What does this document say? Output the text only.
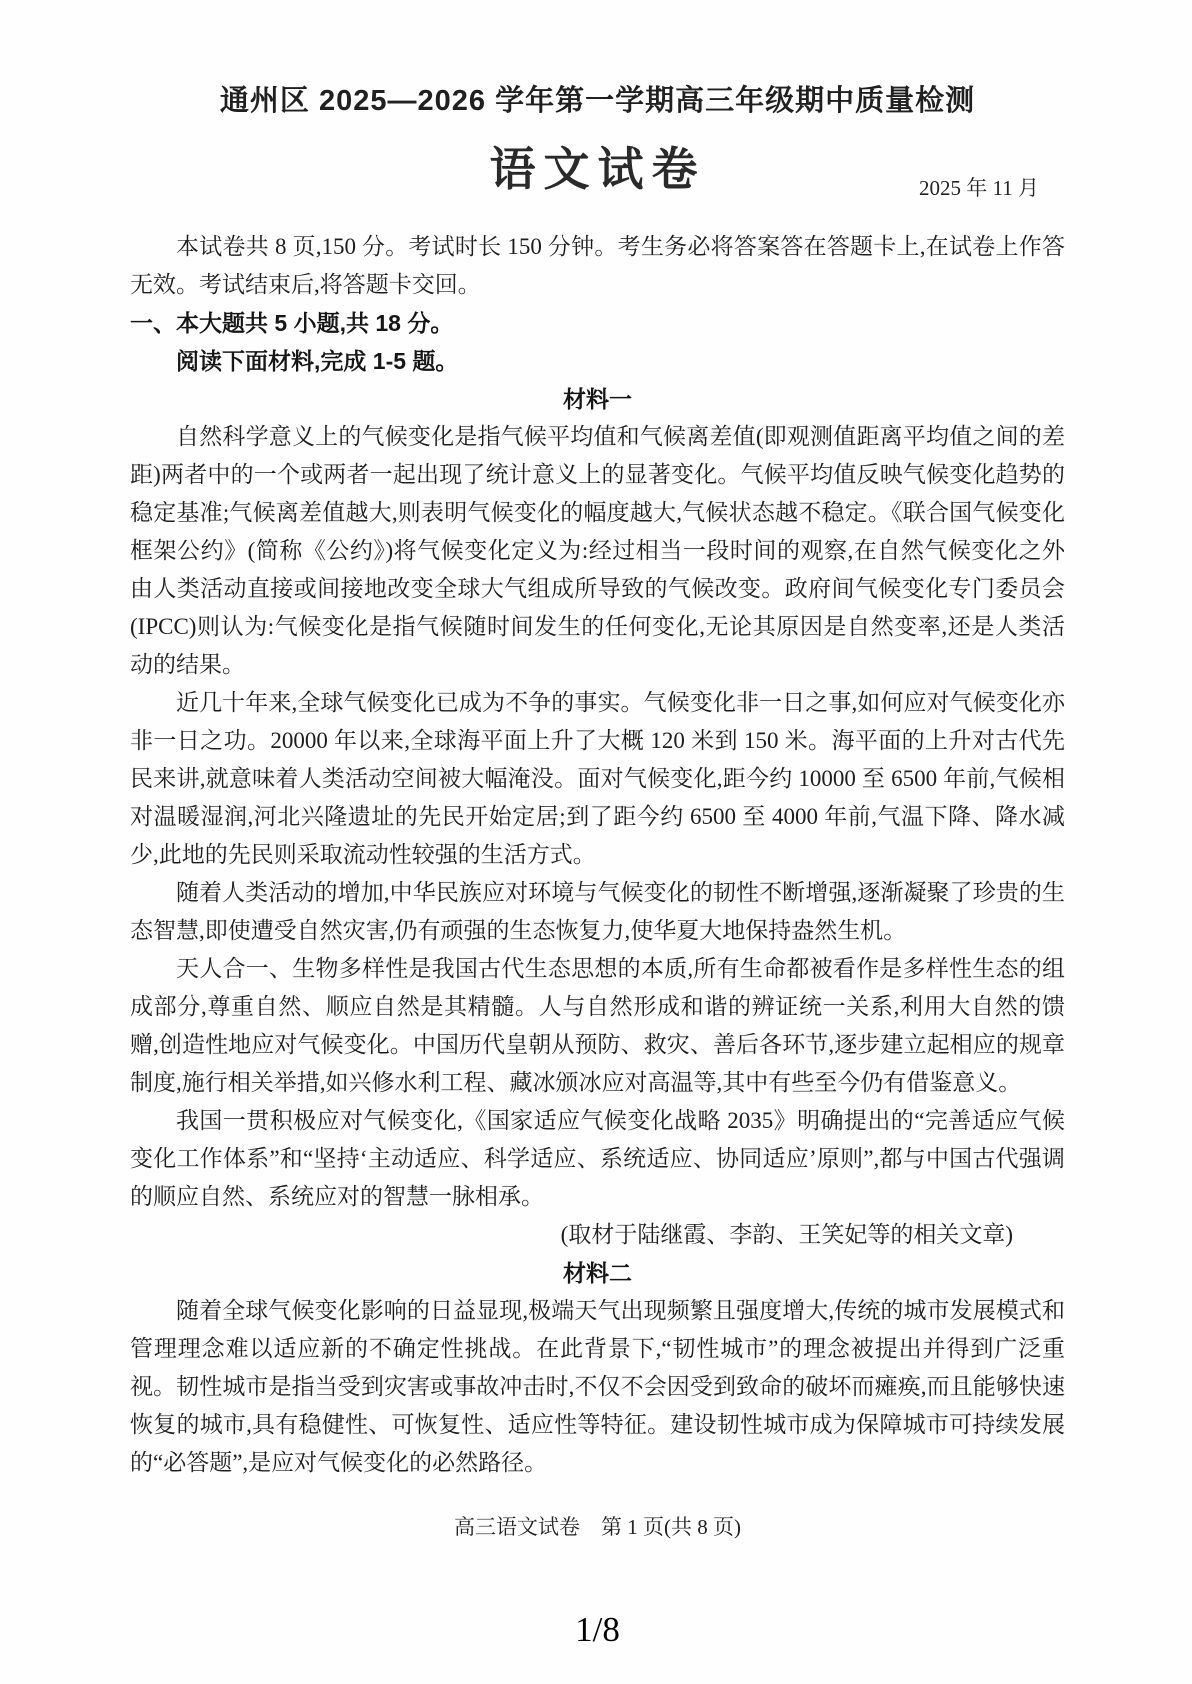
通州区 2025—2026 学年第一学期高三年级期中质量检测
语文试卷	2025 年 11 月

本试卷共 8 页,150 分。考试时长 150 分钟。考生务必将答案答在答题卡上,在试卷上作答无效。考试结束后,将答题卡交回。

一、本大题共 5 小题,共 18 分。

阅读下面材料,完成 1-5 题。

材料一

自然科学意义上的气候变化是指气候平均值和气候离差值(即观测值距离平均值之间的差距)两者中的一个或两者一起出现了统计意义上的显著变化。气候平均值反映气候变化趋势的稳定基准;气候离差值越大,则表明气候变化的幅度越大,气候状态越不稳定。《联合国气候变化框架公约》(简称《公约》)将气候变化定义为:经过相当一段时间的观察,在自然气候变化之外由人类活动直接或间接地改变全球大气组成所导致的气候改变。政府间气候变化专门委员会(IPCC)则认为:气候变化是指气候随时间发生的任何变化,无论其原因是自然变率,还是人类活动的结果。

近几十年来,全球气候变化已成为不争的事实。气候变化非一日之事,如何应对气候变化亦非一日之功。20000 年以来,全球海平面上升了大概 120 米到 150 米。海平面的上升对古代先民来讲,就意味着人类活动空间被大幅淹没。面对气候变化,距今约 10000 至 6500 年前,气候相对温暖湿润,河北兴隆遗址的先民开始定居;到了距今约 6500 至 4000 年前,气温下降、降水减少,此地的先民则采取流动性较强的生活方式。

随着人类活动的增加,中华民族应对环境与气候变化的韧性不断增强,逐渐凝聚了珍贵的生态智慧,即使遭受自然灾害,仍有顽强的生态恢复力,使华夏大地保持盎然生机。

天人合一、生物多样性是我国古代生态思想的本质,所有生命都被看作是多样性生态的组成部分,尊重自然、顺应自然是其精髓。人与自然形成和谐的辨证统一关系,利用大自然的馈赠,创造性地应对气候变化。中国历代皇朝从预防、救灾、善后各环节,逐步建立起相应的规章制度,施行相关举措,如兴修水利工程、藏冰颁冰应对高温等,其中有些至今仍有借鉴意义。

我国一贯积极应对气候变化,《国家适应气候变化战略 2035》明确提出的“完善适应气候变化工作体系”和“坚持‘主动适应、科学适应、系统适应、协同适应’原则”,都与中国古代强调的顺应自然、系统应对的智慧一脉相承。

(取材于陆继霞、李韵、王笑妃等的相关文章)

材料二

随着全球气候变化影响的日益显现,极端天气出现频繁且强度增大,传统的城市发展模式和管理理念难以适应新的不确定性挑战。在此背景下,“韧性城市”的理念被提出并得到广泛重视。韧性城市是指当受到灾害或事故冲击时,不仅不会因受到致命的破坏而瘫痪,而且能够快速恢复的城市,具有稳健性、可恢复性、适应性等特征。建设韧性城市成为保障城市可持续发展的“必答题”,是应对气候变化的必然路径。

高三语文试卷　第 1 页(共 8 页)

1/8
